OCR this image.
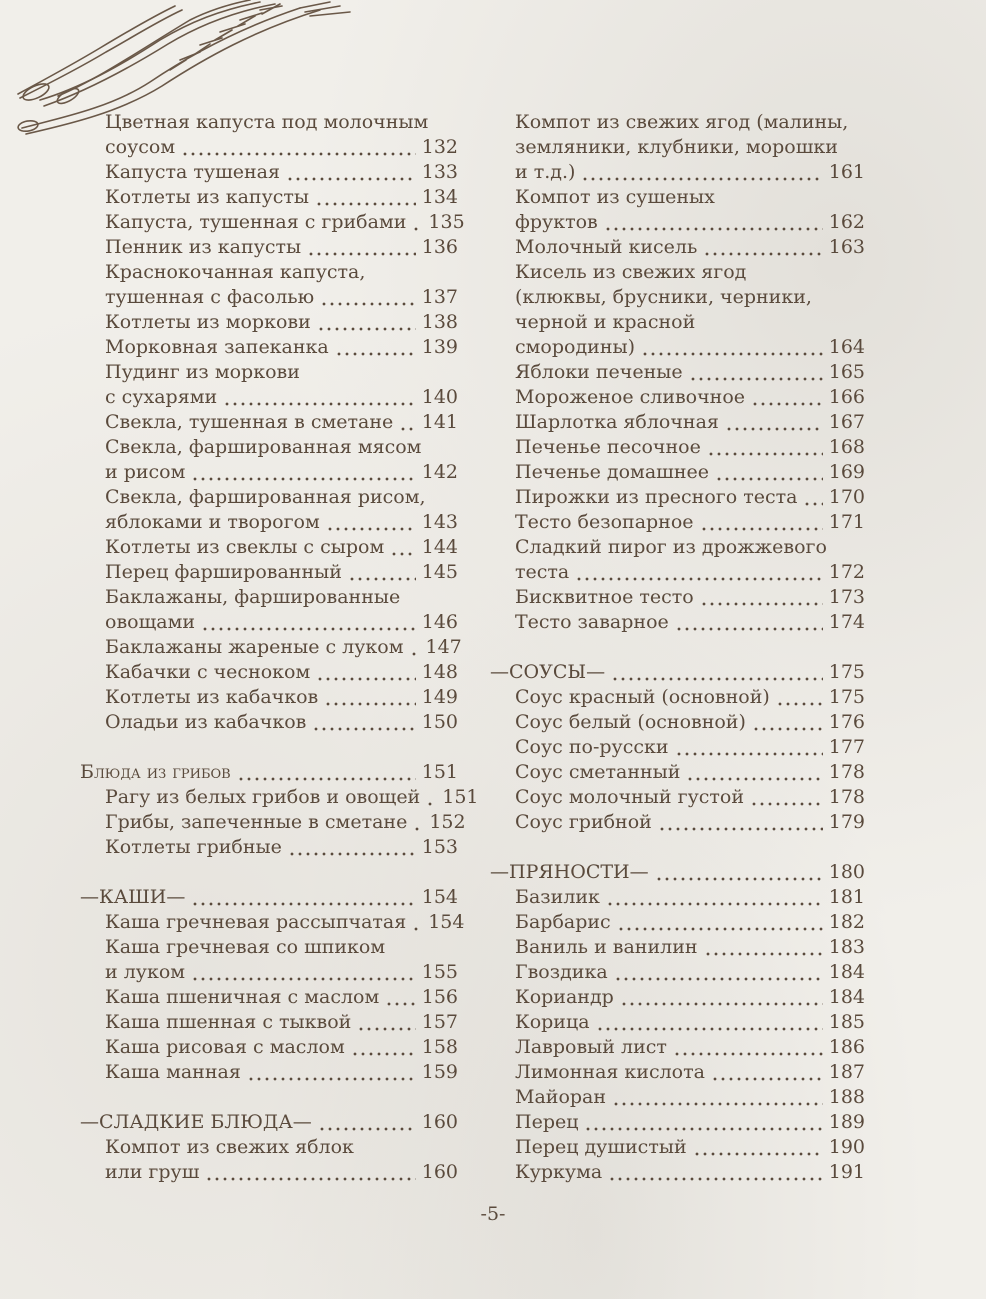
Цветная капуста под молочным
соусом	132
Капуста тушеная	133
Котлеты из капусты	134
Капуста, тушенная с грибами 135
Пенник из капусты	136
Краснокочанная капуста,
тушенная с фасолью	137
Котлеты из моркови	138
Морковная запеканка	139
Пудинг из моркови
с сухарями	140
Свекла, тушенная в сметане 141
Свекла, фаршированная мясом
и рисом	142
Свекла, фаршированная рисом,
яблоками и творогом	143
Котлеты из свеклы с сыром 144
Перец фаршированный	145
Баклажаны, фаршированные
овощами	146
Баклажаны жареные с луком 147
Кабачки с чесноком	148
Котлеты из кабачков	149
Оладьи из кабачков	150
Блюда из грибов	151
Рагу из белых грибов и овощей 151
Грибы, запеченные в сметане 152
Котлеты грибные	153
—КАШИ—	154
Каша гречневая рассыпчатая 154
Каша гречневая со шпиком
и луком	155
Каша пшеничная с маслом 156
Каша пшенная с тыквой	157
Каша рисовая с маслом	158
Каша манная	159
—СЛАДКИЕ БЛЮДА—	160
Компот из свежих яблок
или груш	160
Компот из свежих ягод (малины,
земляники, клубники, морошки
и т.д.)	161
Компот из сушеных
фруктов	162
Молочный кисель	163
Кисель из свежих ягод
(клюквы, брусники, черники,
черной и красной
смородины)	164
Яблоки печеные	165
Мороженое сливочное	166
Шарлотка яблочная	167
Печенье песочное	168
Печенье домашнее	169
Пирожки из пресного теста 170
Тесто безопарное	171
Сладкий пирог из дрожжевого
теста	172
Бисквитное тесто	173
Тесто заварное	174
—СОУСЫ—	175
Соус красный (основной)	175
Соус белый (основной)	176
Соус по-русски	177
Соус сметанный	178
Соус молочный густой	178
Соус грибной	179
—ПРЯНОСТИ—	180
Базилик	181
Барбарис	182
Ваниль и ванилин	183
Гвоздика	184
Кориандр	184
Корица	185
Лавровый лист	186
Лимонная кислота	187
Майоран	188
Перец	189
Перец душистый	190
Куркума	191
-5-
